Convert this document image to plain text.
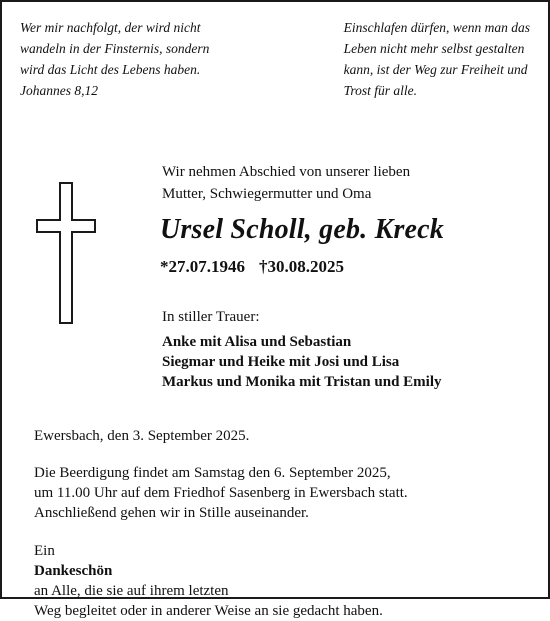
Wer mir nachfolgt, der wird nicht
wandeln in der Finsternis, sondern
wird das Licht des Lebens haben.
Johannes 8,12
Einschlafen dürfen, wenn man das
Leben nicht mehr selbst gestalten
kann, ist der Weg zur Freiheit und
Trost für alle.
Wir nehmen Abschied von unserer lieben
Mutter, Schwiegermutter und Oma
Ursel Scholl, geb. Kreck
*27.07.1946 †30.08.2025
In stiller Trauer:
Anke mit Alisa und Sebastian
Siegmar und Heike mit Josi und Lisa
Markus und Monika mit Tristan und Emily
Ewersbach, den 3. September 2025.
Die Beerdigung findet am Samstag den 6. September 2025,
um 11.00 Uhr auf dem Friedhof Sasenberg in Ewersbach statt.
Anschließend gehen wir in Stille auseinander.
Ein
Dankeschön
an Alle, die sie auf ihrem letzten
Weg begleitet oder in anderer Weise an sie gedacht haben.
